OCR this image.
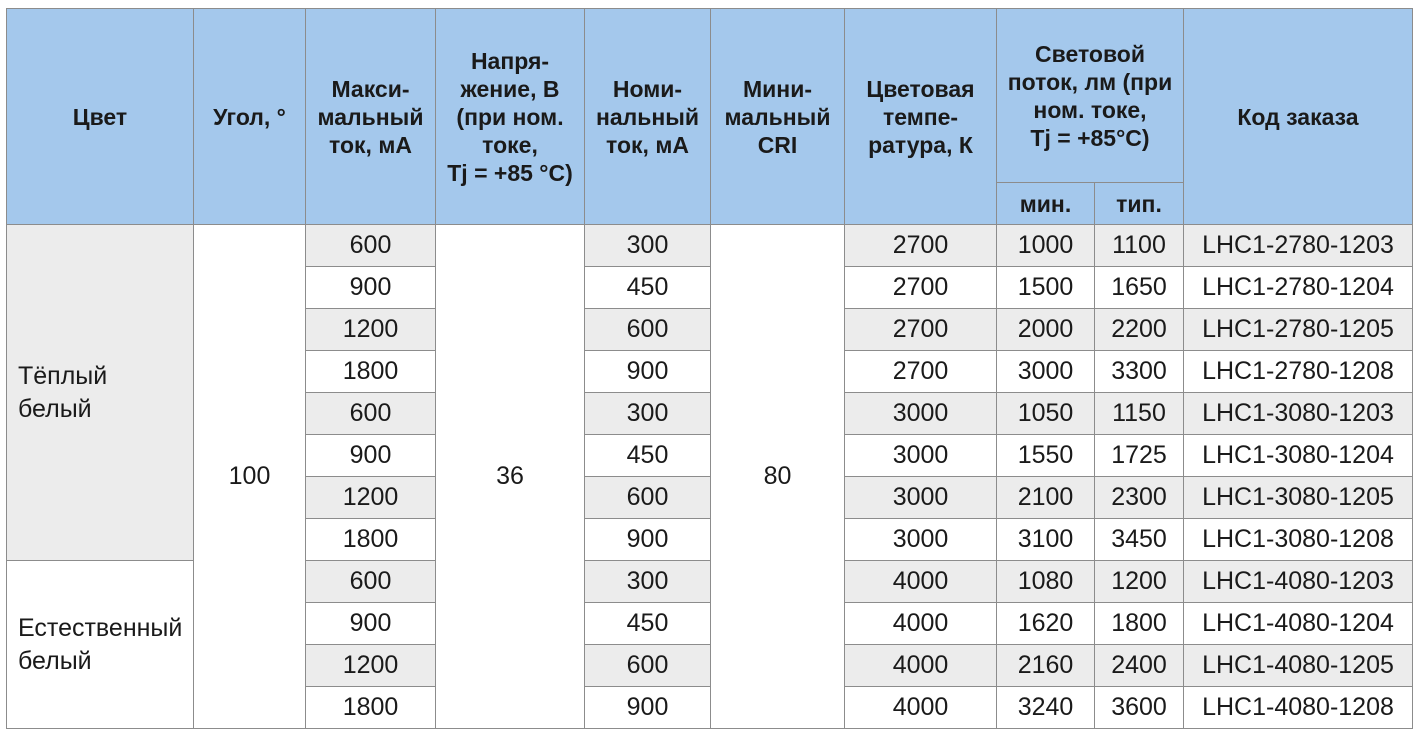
Цвет	Угол, °	Макси-
мальный
ток, мА	Напря-
жение, В
(при ном.
токе,
Tj = +85 °C)	Номи-
нальный
ток, мА	Мини-
мальный
CRI	Цветовая
темпе-
ратура, К	Световой
поток, лм (при
ном. токе,
Tj = +85°C)		Код заказа
							мин.	тип.	
Тёплый
белый	100	600	36	300	80	2700	1000	1100	LHC1-2780-1203
		900		450		2700	1500	1650	LHC1-2780-1204
		1200		600		2700	2000	2200	LHC1-2780-1205
		1800		900		2700	3000	3300	LHC1-2780-1208
		600		300		3000	1050	1150	LHC1-3080-1203
		900		450		3000	1550	1725	LHC1-3080-1204
		1200		600		3000	2100	2300	LHC1-3080-1205
		1800		900		3000	3100	3450	LHC1-3080-1208
Естественный
белый		600		300		4000	1080	1200	LHC1-4080-1203
		900		450		4000	1620	1800	LHC1-4080-1204
		1200		600		4000	2160	2400	LHC1-4080-1205
		1800		900		4000	3240	3600	LHC1-4080-1208
